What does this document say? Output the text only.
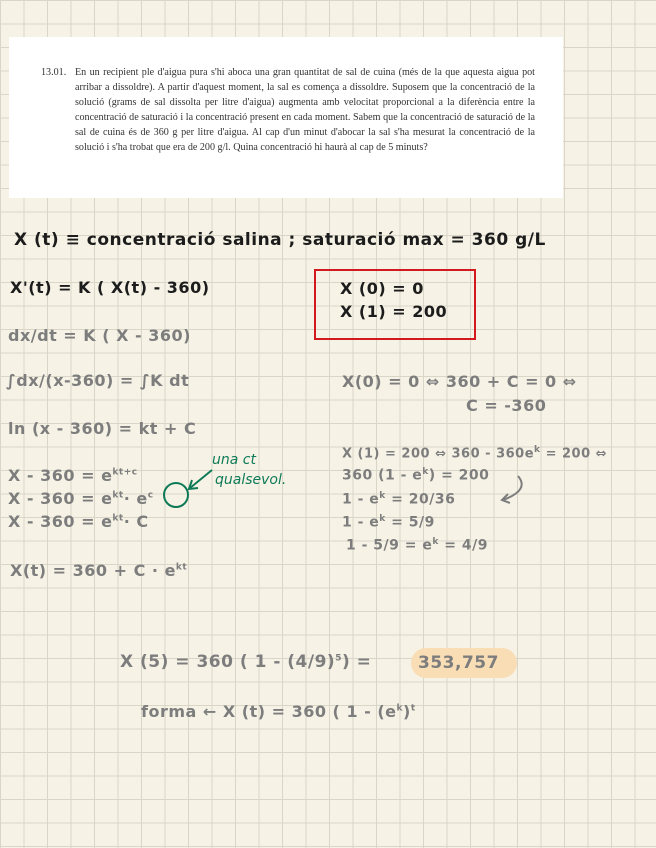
13.01. En un recipient ple d'aigua pura s'hi aboca una gran quantitat de sal de cuina (més de la que aquesta aigua pot arribar a dissoldre). A partir d'aquest moment, la sal es comença a dissoldre. Suposem que la concentració de la solució (grams de sal dissolta per litre d'aigua) augmenta amb velocitat proporcional a la diferència entre la concentració de saturació i la concentració present en cada moment. Sabem que la concentració de saturació de la sal de cuina és de 360 g per litre d'aigua. Al cap d'un minut d'abocar la sal s'ha mesurat la concentració de la solució i s'ha trobat que era de 200 g/l. Quina concentració hi haurà al cap de 5 minuts?
X (t) ≡ concentració salina ; saturació max = 360 g/L
X'(t) = K ( X(t) - 360)	X (0) = 0
X (1) = 200
dx/dt = K ( X - 360)
∫dx/(x-360) = ∫K dt
ln (x - 360) = kt + C
$X - 360 = e^{kt+c}$
$X - 360 = e^{kt}\cdot e^c$
$X - 360 = e^{kt}\cdot C$
una ct
qualsevol.
$X(t) = 360 + C \cdot e^{kt}$
X(0) = 0 ⇔ 360 + C = 0 ⇔
C = -360
X (1) = 200 ⇔ $360 - 360e^k = 200$ ⇔
360 $(1 - e^k) = 200$
$1 - e^k = 20/36$
$1 - e^k = 5/9$
$1 - 5/9 = e^k = 4/9$
X (5) = 360 ( $1 - (4/9)^5$) =	353,757
forma ← X (t) = 360 ( $1 - (e^k)^t$
